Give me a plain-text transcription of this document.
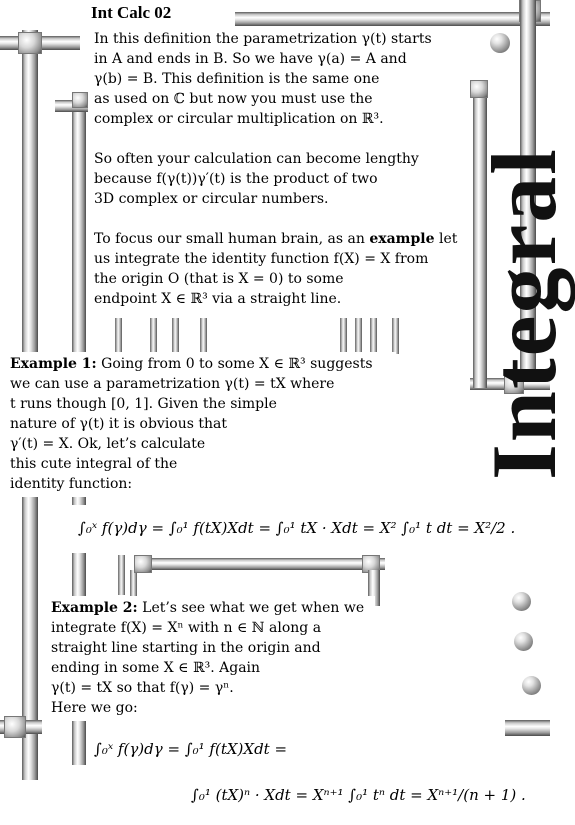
Integral
Int Calc 02
In this definition the parametrization γ(t) starts
in A and ends in B. So we have γ(a) = A and
γ(b) = B. This definition is the same one
as used on ℂ but now you must use the
complex or circular multiplication on ℝ³.
So often your calculation can become lengthy
because f(γ(t))γ′(t) is the product of two
3D complex or circular numbers.
To focus our small human brain, as an example let
us integrate the identity function f(X) = X from
the origin O (that is X = 0) to some
endpoint X ∈ ℝ³ via a straight line.
Example 1: Going from 0 to some X ∈ ℝ³ suggests
we can use a parametrization γ(t) = tX where
t runs though [0, 1]. Given the simple
nature of γ(t) it is obvious that
γ′(t) = X. Ok, let’s calculate
this cute integral of the
identity function:
∫₀ˣ f(γ)dγ = ∫₀¹ f(tX)Xdt = ∫₀¹ tX · Xdt = X² ∫₀¹ t dt = X²/2 .
Example 2: Let’s see what we get when we
integrate f(X) = Xⁿ with n ∈ ℕ along a
straight line starting in the origin and
ending in some X ∈ ℝ³. Again
γ(t) = tX so that f(γ) = γⁿ.
Here we go:
∫₀ˣ f(γ)dγ = ∫₀¹ f(tX)Xdt =
∫₀¹ (tX)ⁿ · Xdt = Xⁿ⁺¹ ∫₀¹ tⁿ dt = Xⁿ⁺¹/(n + 1) .
